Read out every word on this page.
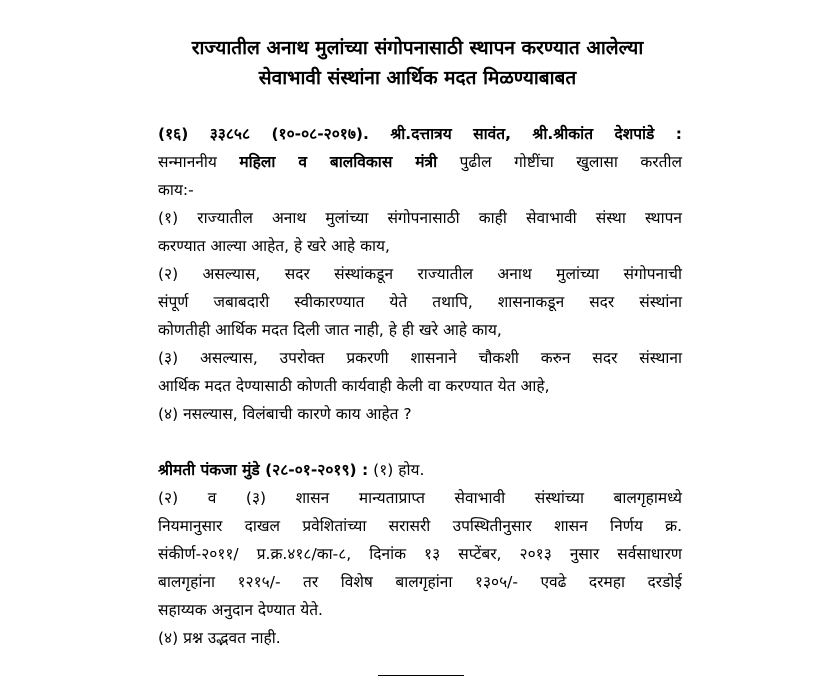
राज्यातील अनाथ मुलांच्या संगोपनासाठी स्थापन करण्यात आलेल्या
सेवाभावी संस्थांना आर्थिक मदत मिळण्याबाबत
(१६) ३३८५८ (१०-०८-२०१७). श्री.दत्तात्रय सावंत, श्री.श्रीकांत देशपांडे :
सन्माननीय महिला व बालविकास मंत्री पुढील गोष्टींचा खुलासा करतील
काय:-
(१) राज्यातील अनाथ मुलांच्या संगोपनासाठी काही सेवाभावी संस्था स्थापन
करण्यात आल्या आहेत, हे खरे आहे काय,
(२) असल्यास, सदर संस्थांकडून राज्यातील अनाथ मुलांच्या संगोपनाची
संपूर्ण जबाबदारी स्वीकारण्यात येते तथापि, शासनाकडून सदर संस्थांना
कोणतीही आर्थिक मदत दिली जात नाही, हे ही खरे आहे काय,
(३) असल्यास, उपरोक्त प्रकरणी शासनाने चौकशी करुन सदर संस्थाना
आर्थिक मदत देण्यासाठी कोणती कार्यवाही केली वा करण्यात येत आहे,
(४) नसल्यास, विलंबाची कारणे काय आहेत ?
श्रीमती पंकजा मुंडे (२८-०१-२०१९) : (१) होय.
(२) व (३) शासन मान्यताप्राप्त सेवाभावी संस्थांच्या बालगृहामध्ये
नियमानुसार दाखल प्रवेशितांच्या सरासरी उपस्थितीनुसार शासन निर्णय क्र.
संकीर्ण-२०११/ प्र.क्र.४१८/का-८, दिनांक १३ सप्टेंबर, २०१३ नुसार सर्वसाधारण
बालगृहांना १२१५/- तर विशेष बालगृहांना १३०५/- एवढे दरमहा दरडोई
सहाय्यक अनुदान देण्यात येते.
(४) प्रश्न उद्भवत नाही.
